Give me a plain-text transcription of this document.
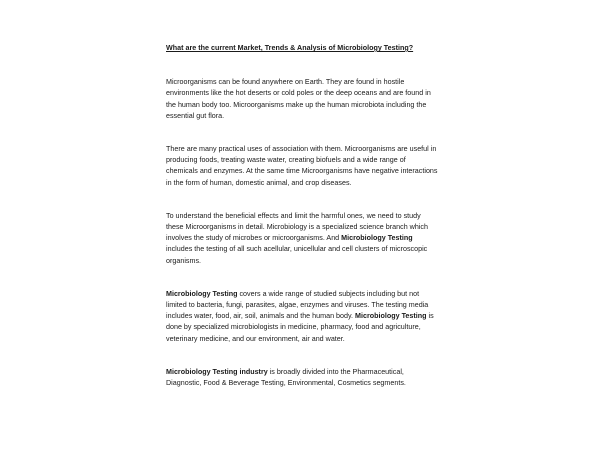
What are the current Market, Trends & Analysis of Microbiology Testing?

Microorganisms can be found anywhere on Earth. They are found in hostile environments like the hot deserts or cold poles or the deep oceans and are found in the human body too. Microorganisms make up the human microbiota including the essential gut flora.

There are many practical uses of association with them. Microorganisms are useful in producing foods, treating waste water, creating biofuels and a wide range of chemicals and enzymes. At the same time Microorganisms have negative interactions in the form of human, domestic animal, and crop diseases.

To understand the beneficial effects and limit the harmful ones, we need to study these Microorganisms in detail. Microbiology is a specialized science branch which involves the study of microbes or microorganisms. And Microbiology Testing includes the testing of all such acellular, unicellular and cell clusters of microscopic organisms.

Microbiology Testing covers a wide range of studied subjects including but not limited to bacteria, fungi, parasites, algae, enzymes and viruses. The testing media includes water, food, air, soil, animals and the human body. Microbiology Testing is done by specialized microbiologists in medicine, pharmacy, food and agriculture, veterinary medicine, and our environment, air and water.

Microbiology Testing industry is broadly divided into the Pharmaceutical, Diagnostic, Food & Beverage Testing, Environmental, Cosmetics segments.
